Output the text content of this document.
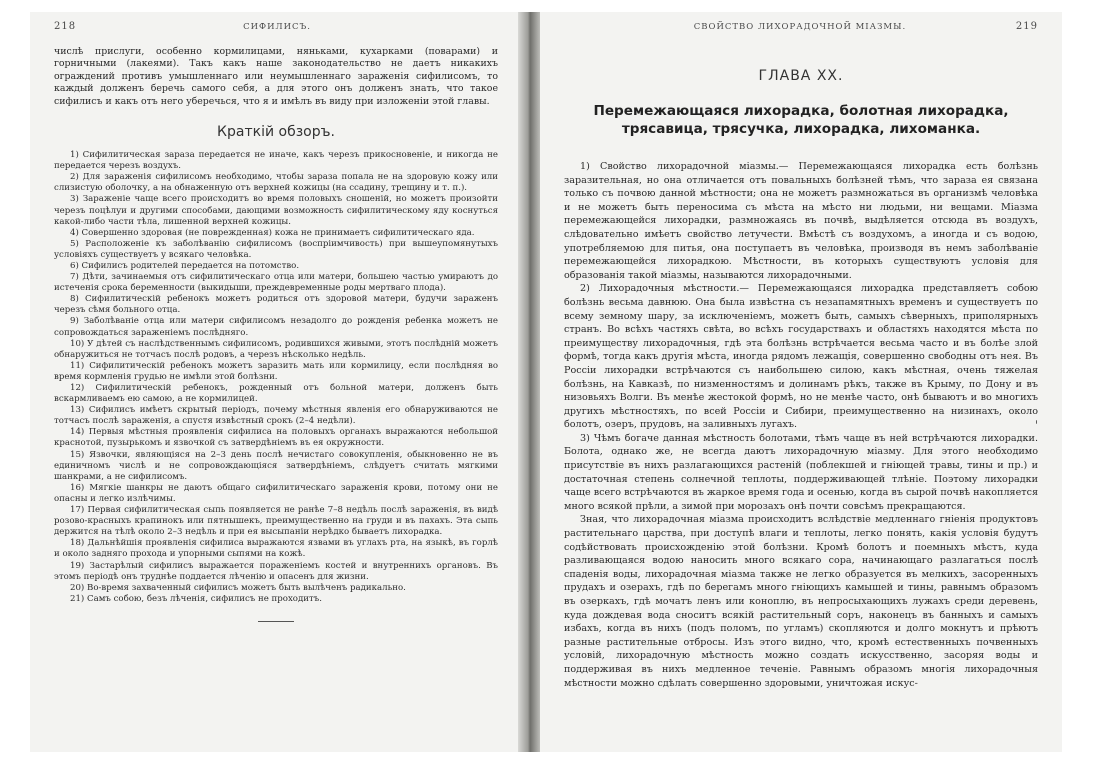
218	СИФИЛИСЪ.

числѣ прислуги, особенно кормилицами, няньками, кухарками (поварами) и горничными (лакеями). Такъ какъ наше законодательство не даетъ никакихъ ограждений противъ умышленнаго или неумышленнаго зараженія сифилисомъ, то каждый долженъ беречь самого себя, а для этого онъ долженъ знать, что такое сифилисъ и какъ отъ него уберечься, что я и имѣлъ въ виду при изложеніи этой главы.

Краткій обзоръ.

1) Сифилитическая зараза передается не иначе, какъ черезъ прикосновеніе, и никогда не передается черезъ воздухъ.

2) Для зараженія сифилисомъ необходимо, чтобы зараза попала не на здоровую кожу или слизистую оболочку, а на обнаженную отъ верхней кожицы (на ссадину, трещину и т. п.).

3) Зараженіе чаще всего происходитъ во время половыхъ сношеній, но можетъ произойти черезъ поцѣлуи и другими способами, дающими возможность сифилитическому яду коснуться какой-либо части тѣла, лишенной верхней кожицы.

4) Совершенно здоровая (не поврежденная) кожа не принимаетъ сифилитическаго яда.

5) Расположеніе къ заболѣванію сифилисомъ (воспріимчивость) при вышеупомянутыхъ условіяхъ существуетъ у всякаго человѣка.

6) Сифилисъ родителей передается на потомство.

7) Дѣти, зачинаемыя отъ сифилитическаго отца или матери, большею частью умираютъ до истеченія срока беременности (выкидыши, преждевременные роды мертваго плода).

8) Сифилитическій ребенокъ можетъ родиться отъ здоровой матери, будучи зараженъ черезъ сѣмя больного отца.

9) Заболѣваніе отца или матери сифилисомъ незадолго до рожденія ребенка можетъ не сопровождаться зараженіемъ послѣдняго.

10) У дѣтей съ наслѣдственнымъ сифилисомъ, родившихся живыми, этотъ послѣдній можетъ обнаружиться не тотчасъ послѣ родовъ, а черезъ нѣсколько недѣль.

11) Сифилитическій ребенокъ можетъ заразить мать или кормилицу, если послѣдняя во время кормленія грудью не имѣли этой болѣзни.

12) Сифилитическій ребенокъ, рожденный отъ больной матери, долженъ быть вскармливаемъ ею самою, а не кормилицей.

13) Сифилисъ имѣетъ скрытый періодъ, почему мѣстныя явленія его обнаруживаются не тотчасъ послѣ зараженія, а спустя извѣстный срокъ (2–4 недѣли).

14) Первыя мѣстныя проявленія сифилиса на половыхъ органахъ выражаются небольшой краснотой, пузырькомъ и язвочкой съ затвердѣніемъ въ ея окружности.

15) Язвочки, являющіяся на 2–3 день послѣ нечистаго совокупленія, обыкновенно не въ единичномъ числѣ и не сопровождающіяся затвердѣніемъ, слѣдуетъ считать мягкими шанкрами, а не сифилисомъ.

16) Мягкіе шанкры не даютъ общаго сифилитическаго зараженія крови, потому они не опасны и легко излѣчимы.

17) Первая сифилитическая сыпь появляется не ранѣе 7–8 недѣль послѣ зараженія, въ видѣ розово-красныхъ крапинокъ или пятнышекъ, преимущественно на груди и въ пахахъ. Эта сыпь держится на тѣлѣ около 2–3 недѣль и при ея высыпаніи нерѣдко бываетъ лихорадка.

18) Дальнѣйшія проявленія сифилиса выражаются язвами въ углахъ рта, на языкѣ, въ горлѣ и около задняго прохода и упорными сыпями на кожѣ.

19) Застарѣлый сифилисъ выражается пораженіемъ костей и внутреннихъ органовъ. Въ этомъ періодѣ онъ труднѣе поддается лѣченію и опасенъ для жизни.

20) Во-время захваченный сифилисъ можетъ быть вылѣченъ радикально.

21) Самъ собою, безъ лѣченія, сифилисъ не проходитъ.

СВОЙСТВО ЛИХОРАДОЧНОЙ МІАЗМЫ.	219
ГЛАВА XX.
Перемежающаяся лихорадка, болотная лихорадка, трясавица, трясучка, лихорадка, лихоманка.

1) Свойство лихорадочной міазмы.— Перемежающаяся лихорадка есть болѣзнь заразительная, но она отличается отъ повальныхъ болѣзней тѣмъ, что зараза ея связана только съ почвою данной мѣстности; она не можетъ размножаться въ организмѣ человѣка и не можетъ быть переносима съ мѣста на мѣсто ни людьми, ни вещами. Міазма перемежающейся лихорадки, размножаясь въ почвѣ, выдѣляется отсюда въ воздухъ, слѣдовательно имѣетъ свойство летучести. Вмѣстѣ съ воздухомъ, а иногда и съ водою, употребляемою для питья, она поступаетъ въ человѣка, производя въ немъ заболѣваніе перемежающейся лихорадкою. Мѣстности, въ которыхъ существуютъ условія для образованія такой міазмы, называются лихорадочными.

2) Лихорадочныя мѣстности.— Перемежающаяся лихорадка представляетъ собою болѣзнь весьма давнюю. Она была извѣстна съ незапамятныхъ временъ и существуетъ по всему земному шару, за исключеніемъ, можетъ быть, самыхъ сѣверныхъ, приполярныхъ странъ. Во всѣхъ частяхъ свѣта, во всѣхъ государствахъ и областяхъ находятся мѣста по преимуществу лихорадочныя, гдѣ эта болѣзнь встрѣчается весьма часто и въ болѣе злой формѣ, тогда какъ другія мѣста, иногда рядомъ лежащія, совершенно свободны отъ нея. Въ Россіи лихорадки встрѣчаются съ наибольшею силою, какъ мѣстная, очень тяжелая болѣзнь, на Кавказѣ, по низменностямъ и долинамъ рѣкъ, также въ Крыму, по Дону и въ низовьяхъ Волги. Въ менѣе жестокой формѣ, но не менѣе часто, онѣ бываютъ и во многихъ другихъ мѣстностяхъ, по всей Россіи и Сибири, преимущественно на низинахъ, около болотъ, озеръ, прудовъ, на заливныхъ лугахъ.

3) Чѣмъ богаче данная мѣстность болотами, тѣмъ чаще въ ней встрѣчаются лихорадки. Болота, однако же, не всегда даютъ лихорадочную міазму. Для этого необходимо присутствіе въ нихъ разлагающихся растеній (поблекшей и гніющей травы, тины и пр.) и достаточная степень солнечной теплоты, поддерживающей тлѣніе. Поэтому лихорадки чаще всего встрѣчаются въ жаркое время года и осенью, когда въ сырой почвѣ накопляется много всякой прѣли, а зимой при морозахъ онѣ почти совсѣмъ прекращаются.

Зная, что лихорадочная міазма происходитъ вслѣдствіе медленнаго гніенія продуктовъ растительнаго царства, при доступѣ влаги и теплоты, легко понять, какія условія будутъ содѣйствовать происхожденію этой болѣзни. Кромѣ болотъ и поемныхъ мѣстъ, куда разливающаяся водою наносить много всякаго сора, начинающаго разлагаться послѣ спаденія воды, лихорадочная міазма также не легко образуется въ мелкихъ, засоренныхъ прудахъ и озерахъ, гдѣ по берегамъ много гніющихъ камышей и тины, равнымъ образомъ въ озеркахъ, гдѣ мочатъ ленъ или коноплю, въ непросыхающихъ лужахъ среди деревень, куда дождевая вода сноситъ всякій растительный соръ, наконецъ въ банныхъ и самыхъ избахъ, когда въ нихъ (подъ поломъ, по угламъ) скопляются и долго мокнутъ и прѣютъ разные растительные отбросы. Изъ этого видно, что, кромѣ естественныхъ почвенныхъ условій, лихорадочную мѣстность можно создать искусственно, засоряя воды и поддерживая въ нихъ медленное теченіе. Равнымъ образомъ многія лихорадочныя мѣстности можно сдѣлать совершенно здоровыми, уничтожая искус-
